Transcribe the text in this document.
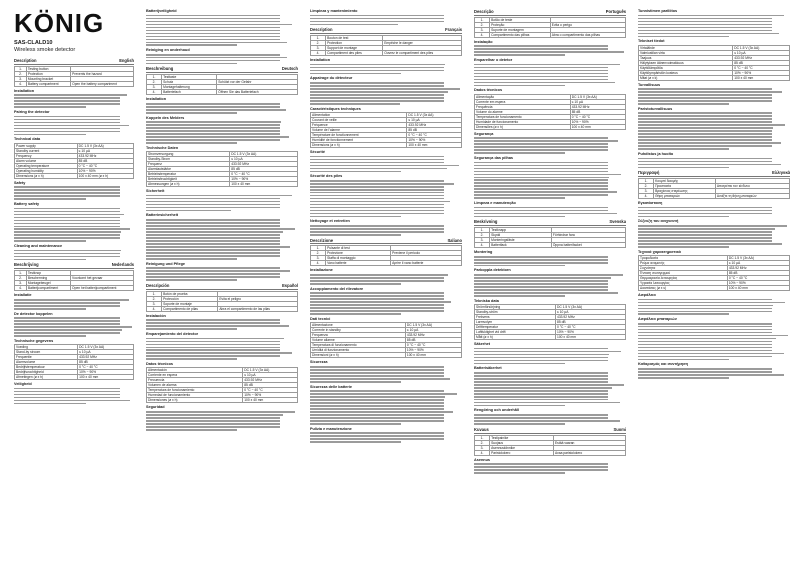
KÖNIG
SAS-CLALD10
Wireless smoke detector
Description	English
1.	Testing button	
2.	Protection	Prevents the hazard
3.	Mounting bracket	
4.	Battery compartment	Open the battery compartment
Installation
Pairing the detector
Technical data
Power supply	DC 1.5 V (3x AA)
Standby current	≤ 10 µA
Frequency	433.92 MHz
Alarm volume	85 dB
Operating temperature	0 °C ~ 40 °C
Operating humidity	10% ~ 90%
Dimensions (ø x h)	100 x 40 mm (ø x h)
Safety
Battery safety
Cleaning and maintenance
Beschrijving	Nederlands
1.	Testknop	
2.	Bescherming	Voorkomt het gevaar
3.	Montagebeugel	
4.	Batterijcompartiment	Open het batterijcompartiment
Installatie
De detector koppelen
Technische gegevens
Voeding	DC 1.5 V (3x AA)
Stand-by stroom	≤ 10 µA
Frequentie	433.92 MHz
Alarmvolume	85 dB
Bedrijfstemperatuur	0 °C ~ 40 °C
Bedrijfsvochtigheid	10% ~ 90%
Afmetingen (ø x h)	100 x 40 mm
Veiligheid
Batterijveiligheid
Reiniging en onderhoud
Beschreibung	Deutsch
1.	Testtaste	
2.	Schutz	Schützt vor der Gefahr
3.	Montagehalterung	
4.	Batteriefach	Öffnen Sie das Batteriefach
Installation
Koppeln des Melders
Technische Daten
Stromversorgung	DC 1.5 V (3x AA)
Standby-Strom	≤ 10 µA
Frequenz	433.92 MHz
Alarmlautstärke	85 dB
Betriebstemperatur	0 °C ~ 40 °C
Betriebsfeuchtigkeit	10% ~ 90%
Abmessungen (ø x h)	100 x 40 mm
Sicherheit
Batteriesicherheit
Reinigung und Pflege
Descripción	Español
1.	Botón de prueba	
2.	Protección	Evita el peligro
3.	Soporte de montaje	
4.	Compartimento de pilas	Abra el compartimento de las pilas
Instalación
Emparejamiento del detector
Datos técnicos
Alimentación	DC 1.5 V (3x AA)
Corriente en espera	≤ 10 µA
Frecuencia	433.92 MHz
Volumen de alarma	85 dB
Temperatura de funcionamiento	0 °C ~ 40 °C
Humedad de funcionamiento	10% ~ 90%
Dimensiones (ø x h)	100 x 40 mm
Seguridad
Limpieza y mantenimiento
Description	Français
1.	Bouton de test	
2.	Protection	Empêche le danger
3.	Support de montage	
4.	Compartiment des piles	Ouvrez le compartiment des piles
Installation
Appairage du détecteur
Caractéristiques techniques
Alimentation	DC 1.5 V (3x AA)
Courant de veille	≤ 10 µA
Fréquence	433.92 MHz
Volume de l'alarme	85 dB
Température de fonctionnement	0 °C ~ 40 °C
Humidité de fonctionnement	10% ~ 90%
Dimensions (ø x h)	100 x 40 mm
Sécurité
Sécurité des piles
Nettoyage et entretien
Descrizione	Italiano
1.	Pulsante di test	
2.	Protezione	Previene il pericolo
3.	Staffa di montaggio	
4.	Vano batterie	Aprire il vano batterie
Installazione
Accoppiamento del rilevatore
Dati tecnici
Alimentazione	DC 1.5 V (3x AA)
Corrente in standby	≤ 10 µA
Frequenza	433.92 MHz
Volume allarme	85 dB
Temperatura di funzionamento	0 °C ~ 40 °C
Umidità di funzionamento	10% ~ 90%
Dimensioni (ø x h)	100 x 40 mm
Sicurezza
Sicurezza delle batterie
Pulizia e manutenzione
Descrição	Português
1.	Botão de teste	
2.	Proteção	Evita o perigo
3.	Suporte de montagem	
4.	Compartimento das pilhas	Abra o compartimento das pilhas
Instalação
Emparelhar o detetor
Dados técnicos
Alimentação	DC 1.5 V (3x AA)
Corrente em espera	≤ 10 µA
Frequência	433.92 MHz
Volume do alarme	85 dB
Temperatura de funcionamento	0 °C ~ 40 °C
Humidade de funcionamento	10% ~ 90%
Dimensões (ø x h)	100 x 40 mm
Segurança
Segurança das pilhas
Limpeza e manutenção
Beskrivning	Svenska
1.	Testknapp	
2.	Skydd	Förhindrar fara
3.	Monteringsfäste	
4.	Batterifack	Öppna batterifacket
Montering
Parkoppla detektorn
Tekniska data
Strömförsörjning	DC 1.5 V (3x AA)
Standby-ström	≤ 10 µA
Frekvens	433.92 MHz
Larmvolym	85 dB
Drifttemperatur	0 °C ~ 40 °C
Luftfuktighet vid drift	10% ~ 90%
Mått (ø x h)	100 x 40 mm
Säkerhet
Batterisäkerhet
Rengöring och underhåll
Kuvaus	Suomi
1.	Testipainike	
2.	Suojaus	Estää vaaran
3.	Asennuskiinnike	
4.	Paristolokero	Avaa paristolokero
Asennus
Tunnistimen pariliitos
Tekniset tiedot
Virtalähde	DC 1.5 V (3x AA)
Valmiustilan virta	≤ 10 µA
Taajuus	433.92 MHz
Hälytyksen äänenvoimakkuus	85 dB
Käyttölämpötila	0 °C ~ 40 °C
Käyttöympäristön kosteus	10% ~ 90%
Mitat (ø x k)	100 x 40 mm
Turvallisuus
Paristoturvallisuus
Puhdistus ja huolto
Περιγραφή	Ελληνικά
1.	Κουμπί δοκιμής	
2.	Προστασία	Αποτρέπει τον κίνδυνο
3.	Βραχίονας στερέωσης	
4.	Θήκη μπαταριών	Ανοίξτε τη θήκη μπαταριών
Εγκατάσταση
Σύζευξη του ανιχνευτή
Τεχνικά χαρακτηριστικά
Τροφοδοσία	DC 1.5 V (3x AA)
Ρεύμα αναμονής	≤ 10 µA
Συχνότητα	433.92 MHz
Ένταση συναγερμού	85 dB
Θερμοκρασία λειτουργίας	0 °C ~ 40 °C
Υγρασία λειτουργίας	10% ~ 90%
Διαστάσεις (ø x υ)	100 x 40 mm
Ασφάλεια
Ασφάλεια μπαταριών
Καθαρισμός και συντήρηση
